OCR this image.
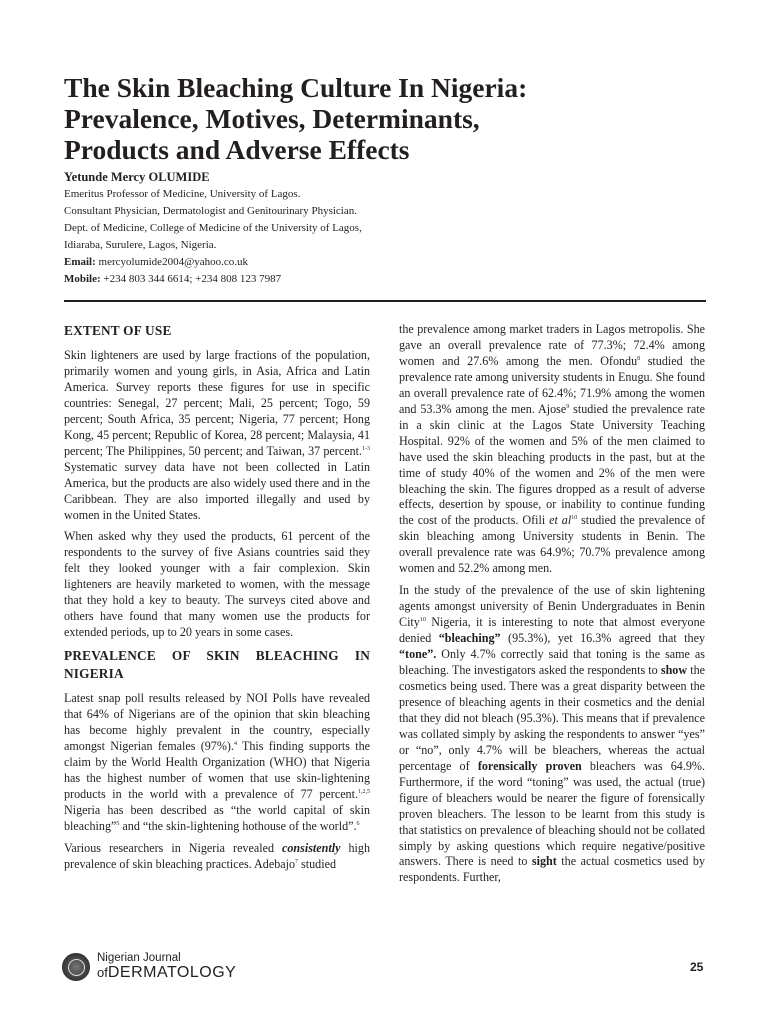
The Skin Bleaching Culture In Nigeria:
Prevalence, Motives, Determinants,
Products and Adverse Effects
Yetunde Mercy OLUMIDE
Emeritus Professor of Medicine, University of Lagos.
Consultant Physician, Dermatologist and Genitourinary Physician.
Dept. of Medicine, College of Medicine of the University of Lagos,
Idiaraba, Surulere, Lagos, Nigeria.
Email: mercyolumide2004@yahoo.co.uk
Mobile: +234 803 344 6614; +234 808 123 7987
EXTENT OF USE

Skin lighteners are used by large fractions of the population, primarily women and young girls, in Asia, Africa and Latin America. Survey reports these figures for use in specific countries: Senegal, 27 percent; Mali, 25 percent; Togo, 59 percent; South Africa, 35 percent; Nigeria, 77 percent; Hong Kong, 45 percent; Republic of Korea, 28 percent; Malaysia, 41 percent; The Philippines, 50 percent; and Taiwan, 37 percent.$^{1-3}$ Systematic survey data have not been collected in Latin America, but the products are also widely used there and in the Caribbean. They are also imported illegally and used by women in the United States.

When asked why they used the products, 61 percent of the respondents to the survey of five Asians countries said they felt they looked younger with a fair complexion. Skin lighteners are heavily marketed to women, with the message that they hold a key to beauty. The surveys cited above and others have found that many women use the products for extended periods, up to 20 years in some cases.

PREVALENCE OF SKIN BLEACHING IN NIGERIA

Latest snap poll results released by NOI Polls have revealed that 64% of Nigerians are of the opinion that skin bleaching has become highly prevalent in the country, especially amongst Nigerian females (97%).$^4$ This finding supports the claim by the World Health Organization (WHO) that Nigeria has the highest number of women that use skin-lightening products in the world with a prevalence of 77 percent.$^{1,2,5}$ Nigeria has been described as “the world capital of skin bleaching”$^5$ and “the skin-lightening hothouse of the world”.$^6$

Various researchers in Nigeria revealed consistently high prevalence of skin bleaching practices. Adebajo$^7$ studied

the prevalence among market traders in Lagos metropolis. She gave an overall prevalence rate of 77.3%; 72.4% among women and 27.6% among the men. Ofondu$^8$ studied the prevalence rate among university students in Enugu. She found an overall prevalence rate of 62.4%; 71.9% among the women and 53.3% among the men. Ajose$^9$ studied the prevalence rate in a skin clinic at the Lagos State University Teaching Hospital. 92% of the women and 5% of the men claimed to have used the skin bleaching products in the past, but at the time of study 40% of the women and 2% of the men were bleaching the skin. The figures dropped as a result of adverse effects, desertion by spouse, or inability to continue funding the cost of the products. Ofili et $al^{10}$ studied the prevalence of skin bleaching among University students in Benin. The overall prevalence rate was 64.9%; 70.7% prevalence among women and 52.2% among men.

In the study of the prevalence of the use of skin lightening agents amongst university of Benin Undergraduates in Benin City$^{10}$ Nigeria, it is interesting to note that almost everyone denied “bleaching” (95.3%), yet 16.3% agreed that they “tone”. Only 4.7% correctly said that toning is the same as bleaching. The investigators asked the respondents to show the cosmetics being used. There was a great disparity between the presence of bleaching agents in their cosmetics and the denial that they did not bleach (95.3%). This means that if prevalence was collated simply by asking the respondents to answer “yes” or “no”, only 4.7% will be bleachers, whereas the actual percentage of forensically proven bleachers was 64.9%. Furthermore, if the word “toning” was used, the actual (true) figure of bleachers would be nearer the figure of forensically proven bleachers. The lesson to be learnt from this study is that statistics on prevalence of bleaching should not be collated simply by asking questions which require negative/positive answers. There is need to sight the actual cosmetics used by respondents. Further,

Nigerian Journal
ofDERMATOLOGY	25
